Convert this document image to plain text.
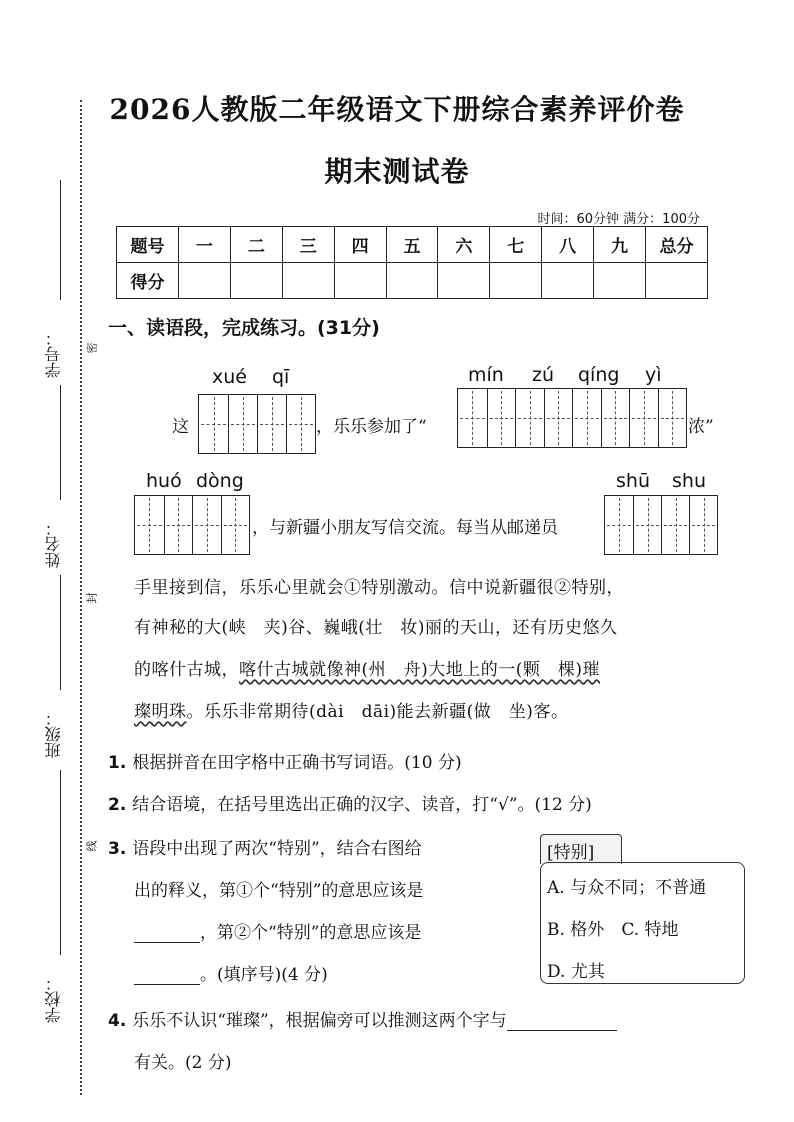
学号：
姓名：
班级：
学校：
密
封
线
2026人教版二年级语文下册综合素养评价卷
期末测试卷
时间：60分钟 满分：100分
题号	一	二	三	四	五	六	七	八	九	总分
得分										
一、读语段，完成练习。(31分)
xué qī	mín zú qíng yì
这	，乐乐参加了“	浓”
huó dòng	shū shu
，与新疆小朋友写信交流。每当从邮递员
手里接到信，乐乐心里就会①特别激动。信中说新疆很②特别，
有神秘的大(峡　夹)谷、巍峨(壮　妆)丽的天山，还有历史悠久
的喀什古城，喀什古城就像神(州　舟)大地上的一(颗　棵)璀
璨明珠。乐乐非常期待(dài　dāi)能去新疆(做　坐)客。
1. 根据拼音在田字格中正确书写词语。(10 分)
2. 结合语境，在括号里选出正确的汉字、读音，打“√”。(12 分)
3. 语段中出现了两次“特别”，结合右图给
出的释义，第①个“特别”的意思应该是
，第②个“特别”的意思应该是
。(填序号)(4 分)
[特别]
A. 与众不同；不普通
B. 格外　 C. 特地
D. 尤其
4. 乐乐不认识“璀璨”，根据偏旁可以推测这两个字与
有关。(2 分)
